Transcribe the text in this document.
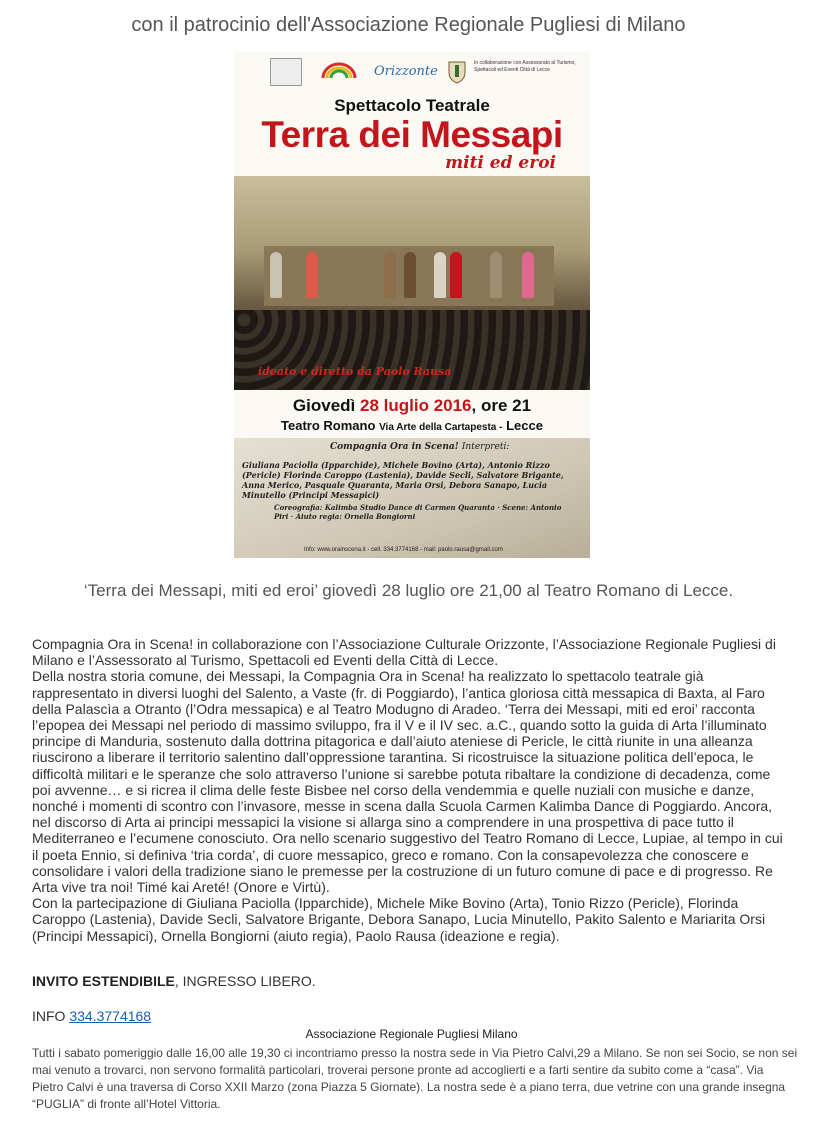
con il patrocinio dell'Associazione Regionale Pugliesi di Milano
Orizzonte
In collaborazione con Assessorato al Turismo, Spettacoli ed Eventi Città di Lecce
Spettacolo Teatrale
Terra dei Messapi
miti ed eroi
ideato e diretto da Paolo Rausa
Giovedì 28 luglio 2016, ore 21
Teatro Romano Via Arte della Cartapesta - Lecce
Compagnia Ora in Scena! Interpreti:
Giuliana Paciolla (Ipparchide), Michele Bovino (Arta), Antonio Rizzo (Pericle) Florinda Caroppo (Lastenia), Davide Secli, Salvatore Brigante, Anna Merico, Pasquale Quaranta, Maria Orsi, Debora Sanapo, Lucia Minutello (Principi Messapici)
Coreografia: Kalimba Studio Dance di Carmen Quaranta · Scene: Antonio Piri · Aiuto regia: Ornella Bongiorni
Info: www.orainscena.it - cell. 334.3774168 - mail: paolo.rausa@gmail.com
‘Terra dei Messapi, miti ed eroi’ giovedì 28 luglio ore 21,00 al Teatro Romano di Lecce.

Compagnia Ora in Scena! in collaborazione con l’Associazione Culturale Orizzonte, l’Associazione Regionale Pugliesi di Milano e l’Assessorato al Turismo, Spettacoli ed Eventi della Città di Lecce.

Della nostra storia comune, dei Messapi, la Compagnia Ora in Scena! ha realizzato lo spettacolo teatrale già rappresentato in diversi luoghi del Salento, a Vaste (fr. di Poggiardo), l’antica gloriosa città messapica di Baxta, al Faro della Palascìa a Otranto (l’Odra messapica) e al Teatro Modugno di Aradeo. ‘Terra dei Messapi, miti ed eroi’ racconta l’epopea dei Messapi nel periodo di massimo sviluppo, fra il V e il IV sec. a.C., quando sotto la guida di Arta l’illuminato principe di Manduria, sostenuto dalla dottrina pitagorica e dall’aiuto ateniese di Pericle, le città riunite in una alleanza riuscirono a liberare il territorio salentino dall’oppressione tarantina. Si ricostruisce la situazione politica dell’epoca, le difficoltà militari e le speranze che solo attraverso l’unione si sarebbe potuta ribaltare la condizione di decadenza, come poi avvenne… e si ricrea il clima delle feste Bisbee nel corso della vendemmia e quelle nuziali con musiche e danze, nonché i momenti di scontro con l’invasore, messe in scena dalla Scuola Carmen Kalimba Dance di Poggiardo. Ancora, nel discorso di Arta ai principi messapici la visione si allarga sino a comprendere in una prospettiva di pace tutto il Mediterraneo e l’ecumene conosciuto. Ora nello scenario suggestivo del Teatro Romano di Lecce, Lupiae, al tempo in cui il poeta Ennio, si definiva ‘tria corda’, di cuore messapico, greco e romano. Con la consapevolezza che conoscere e consolidare i valori della tradizione siano le premesse per la costruzione di un futuro comune di pace e di progresso. Re Arta vive tra noi! Timé kai Areté! (Onore e Virtù).

Con la partecipazione di Giuliana Paciolla (Ipparchide), Michele Mike Bovino (Arta), Tonio Rizzo (Pericle), Florinda Caroppo (Lastenia), Davide Secli, Salvatore Brigante, Debora Sanapo, Lucia Minutello, Pakito Salento e Mariarita Orsi (Principi Messapici), Ornella Bongiorni (aiuto regia), Paolo Rausa (ideazione e regia).

INVITO ESTENDIBILE, INGRESSO LIBERO.
INFO 334.3774168
Associazione Regionale Pugliesi Milano
Tutti i sabato pomeriggio dalle 16,00 alle 19,30 ci incontriamo presso la nostra sede in Via Pietro Calvi,29 a Milano. Se non sei Socio, se non sei mai venuto a trovarci, non servono formalità particolari, troverai persone pronte ad accoglierti e a farti sentire da subito come a “casa”. Via Pietro Calvi è una traversa di Corso XXII Marzo (zona Piazza 5 Giornate). La nostra sede è a piano terra, due vetrine con una grande insegna “PUGLIA” di fronte all’Hotel Vittoria.
